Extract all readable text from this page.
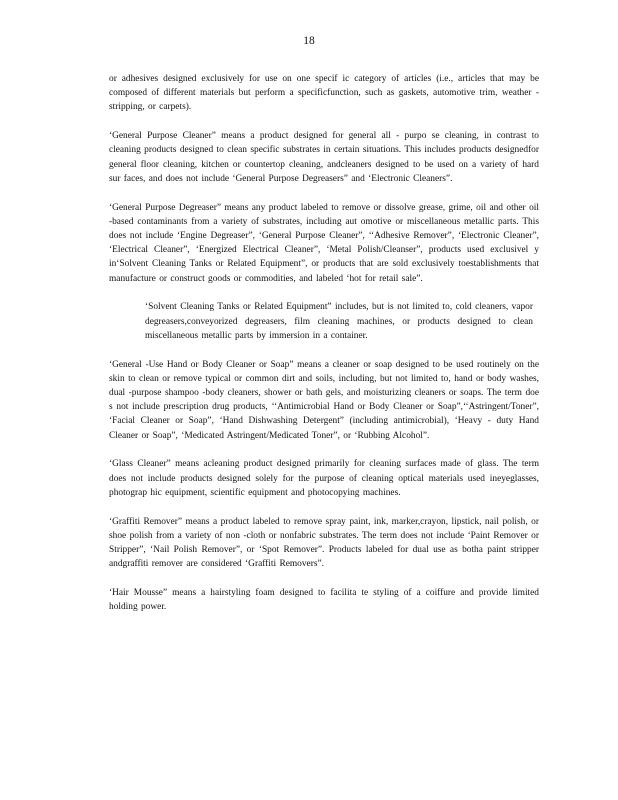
18

or adhesives designed exclusively for use on one specif ic category of articles (i.e., articles that may be composed of different materials but perform a specificfunction, such as gaskets, automotive trim, weather -stripping, or carpets).

‘General Purpose Cleaner” means a product designed for general all - purpo se cleaning, in contrast to cleaning products designed to clean specific substrates in certain situations. This includes products designedfor general floor cleaning, kitchen or countertop cleaning, andcleaners designed to be used on a variety of hard sur faces, and does not include ‘General Purpose Degreasers” and ‘Electronic Cleaners”.

‘General Purpose Degreaser” means any product labeled to remove or dissolve grease, grime, oil and other oil -based contaminants from a variety of substrates, including aut omotive or miscellaneous metallic parts. This does not include ‘Engine Degreaser”, ‘General Purpose Cleaner”, ‘‘Adhesive Remover”, ‘Electronic Cleaner”, ‘Electrical Cleaner”, ‘Energized Electrical Cleaner”, ‘Metal Polish/Cleanser”, products used exclusivel y in‘Solvent Cleaning Tanks or Related Equipment”, or products that are sold exclusively toestablishments that manufacture or construct goods or commodities, and labeled ‘hot for retail sale”.

‘Solvent Cleaning Tanks or Related Equipment” includes, but is not limited to, cold cleaners, vapor degreasers,conveyorized degreasers, film cleaning machines, or products designed to clean miscellaneous metallic parts by immersion in a container.

‘General -Use Hand or Body Cleaner or Soap” means a cleaner or soap designed to be used routinely on the skin to clean or remove typical or common dirt and soils, including, but not limited to, hand or body washes, dual -purpose shampoo -body cleaners, shower or bath gels, and moisturizing cleaners or soaps. The term doe s not include prescription drug products, ‘‘Antimicrobial Hand or Body Cleaner or Soap”,‘‘Astringent/Toner”, ‘Facial Cleaner or Soap”, ‘Hand Dishwashing Detergent” (including antimicrobial), ‘Heavy - duty Hand Cleaner or Soap”, ‘Medicated Astringent/Medicated Toner”, or ‘Rubbing Alcohol”.

‘Glass Cleaner” means acleaning product designed primarily for cleaning surfaces made of glass. The term does not include products designed solely for the purpose of cleaning optical materials used ineyeglasses, photograp hic equipment, scientific equipment and photocopying machines.

‘Graffiti Remover” means a product labeled to remove spray paint, ink, marker,crayon, lipstick, nail polish, or shoe polish from a variety of non -cloth or nonfabric substrates. The term does not include ‘Paint Remover or Stripper”, ‘Nail Polish Remover”, or ‘Spot Remover”. Products labeled for dual use as botha paint stripper andgraffiti remover are considered ‘Graffiti Removers”.

‘Hair Mousse” means a hairstyling foam designed to facilita te styling of a coiffure and provide limited holding power.
